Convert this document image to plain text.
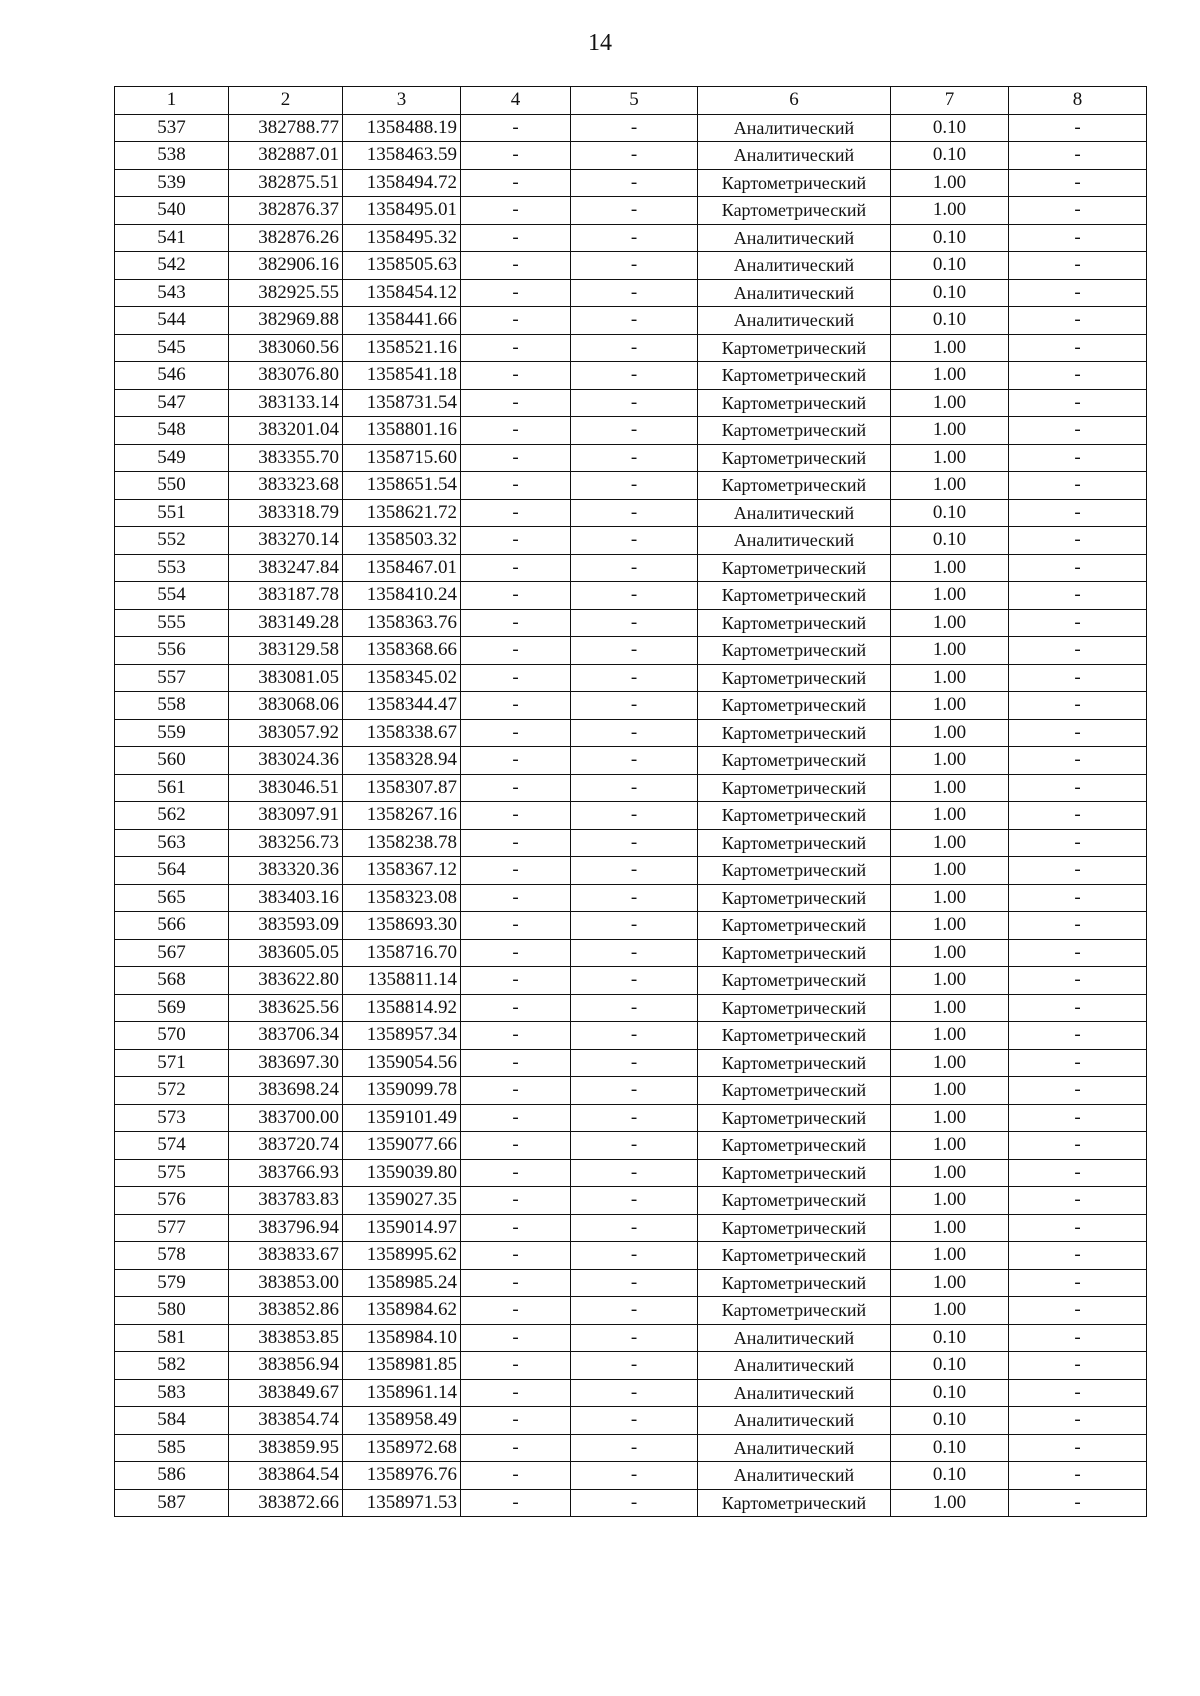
14
1	2	3	4	5	6	7	8
537	382788.77	1358488.19	-	-	Аналитический	0.10	-
538	382887.01	1358463.59	-	-	Аналитический	0.10	-
539	382875.51	1358494.72	-	-	Картометрический	1.00	-
540	382876.37	1358495.01	-	-	Картометрический	1.00	-
541	382876.26	1358495.32	-	-	Аналитический	0.10	-
542	382906.16	1358505.63	-	-	Аналитический	0.10	-
543	382925.55	1358454.12	-	-	Аналитический	0.10	-
544	382969.88	1358441.66	-	-	Аналитический	0.10	-
545	383060.56	1358521.16	-	-	Картометрический	1.00	-
546	383076.80	1358541.18	-	-	Картометрический	1.00	-
547	383133.14	1358731.54	-	-	Картометрический	1.00	-
548	383201.04	1358801.16	-	-	Картометрический	1.00	-
549	383355.70	1358715.60	-	-	Картометрический	1.00	-
550	383323.68	1358651.54	-	-	Картометрический	1.00	-
551	383318.79	1358621.72	-	-	Аналитический	0.10	-
552	383270.14	1358503.32	-	-	Аналитический	0.10	-
553	383247.84	1358467.01	-	-	Картометрический	1.00	-
554	383187.78	1358410.24	-	-	Картометрический	1.00	-
555	383149.28	1358363.76	-	-	Картометрический	1.00	-
556	383129.58	1358368.66	-	-	Картометрический	1.00	-
557	383081.05	1358345.02	-	-	Картометрический	1.00	-
558	383068.06	1358344.47	-	-	Картометрический	1.00	-
559	383057.92	1358338.67	-	-	Картометрический	1.00	-
560	383024.36	1358328.94	-	-	Картометрический	1.00	-
561	383046.51	1358307.87	-	-	Картометрический	1.00	-
562	383097.91	1358267.16	-	-	Картометрический	1.00	-
563	383256.73	1358238.78	-	-	Картометрический	1.00	-
564	383320.36	1358367.12	-	-	Картометрический	1.00	-
565	383403.16	1358323.08	-	-	Картометрический	1.00	-
566	383593.09	1358693.30	-	-	Картометрический	1.00	-
567	383605.05	1358716.70	-	-	Картометрический	1.00	-
568	383622.80	1358811.14	-	-	Картометрический	1.00	-
569	383625.56	1358814.92	-	-	Картометрический	1.00	-
570	383706.34	1358957.34	-	-	Картометрический	1.00	-
571	383697.30	1359054.56	-	-	Картометрический	1.00	-
572	383698.24	1359099.78	-	-	Картометрический	1.00	-
573	383700.00	1359101.49	-	-	Картометрический	1.00	-
574	383720.74	1359077.66	-	-	Картометрический	1.00	-
575	383766.93	1359039.80	-	-	Картометрический	1.00	-
576	383783.83	1359027.35	-	-	Картометрический	1.00	-
577	383796.94	1359014.97	-	-	Картометрический	1.00	-
578	383833.67	1358995.62	-	-	Картометрический	1.00	-
579	383853.00	1358985.24	-	-	Картометрический	1.00	-
580	383852.86	1358984.62	-	-	Картометрический	1.00	-
581	383853.85	1358984.10	-	-	Аналитический	0.10	-
582	383856.94	1358981.85	-	-	Аналитический	0.10	-
583	383849.67	1358961.14	-	-	Аналитический	0.10	-
584	383854.74	1358958.49	-	-	Аналитический	0.10	-
585	383859.95	1358972.68	-	-	Аналитический	0.10	-
586	383864.54	1358976.76	-	-	Аналитический	0.10	-
587	383872.66	1358971.53	-	-	Картометрический	1.00	-
